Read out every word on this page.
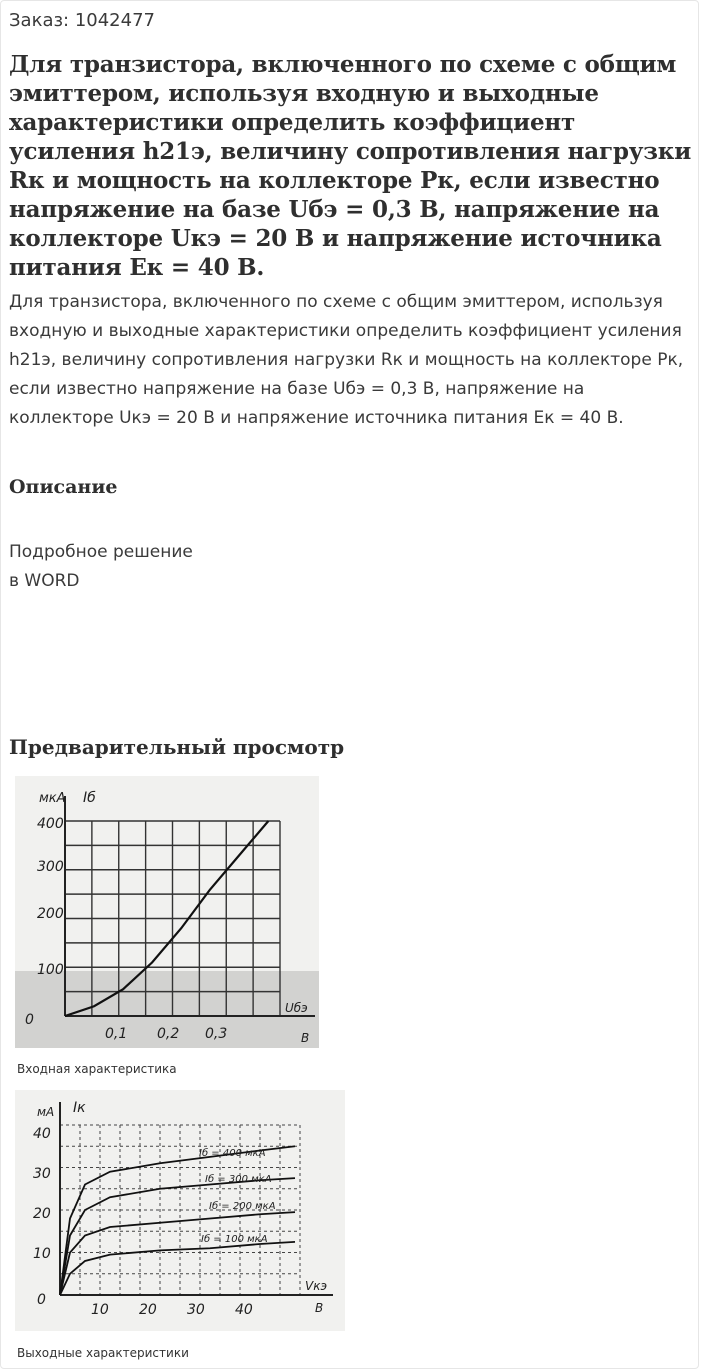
Заказ: 1042477
Для транзистора, включенного по схеме с общим эмиттером, используя входную и выходные характеристики определить коэффициент усиления h21э, величину сопротивления нагрузки Rк и мощность на коллекторе Рк, если известно напряжение на базе Uбэ = 0,3 В, напряжение на коллекторе Uкэ = 20 В и напряжение источника питания Ек = 40 В.

Для транзистора, включенного по схеме с общим эмиттером, используя входную и выходные характеристики определить коэффициент усиления h21э, величину сопротивления нагрузки Rк и мощность на коллекторе Рк, если известно напряжение на базе Uбэ = 0,3 В, напряжение на коллекторе Uкэ = 20 В и напряжение источника питания Ек = 40 В.

Описание
Подробное решение
в WORD
Предварительный просмотр
мкА Iб
400
300
200
100
0
0,1 0,2 0,3
Uбэ
В
Входная характеристика
мА Iк
40
30
20
10
0
10 20 30 40
Vкэ
В
Iб = 400 мкА
Iб = 300 мкА
Iб = 200 мкА
Iб = 100 мкА
Выходные характеристики
